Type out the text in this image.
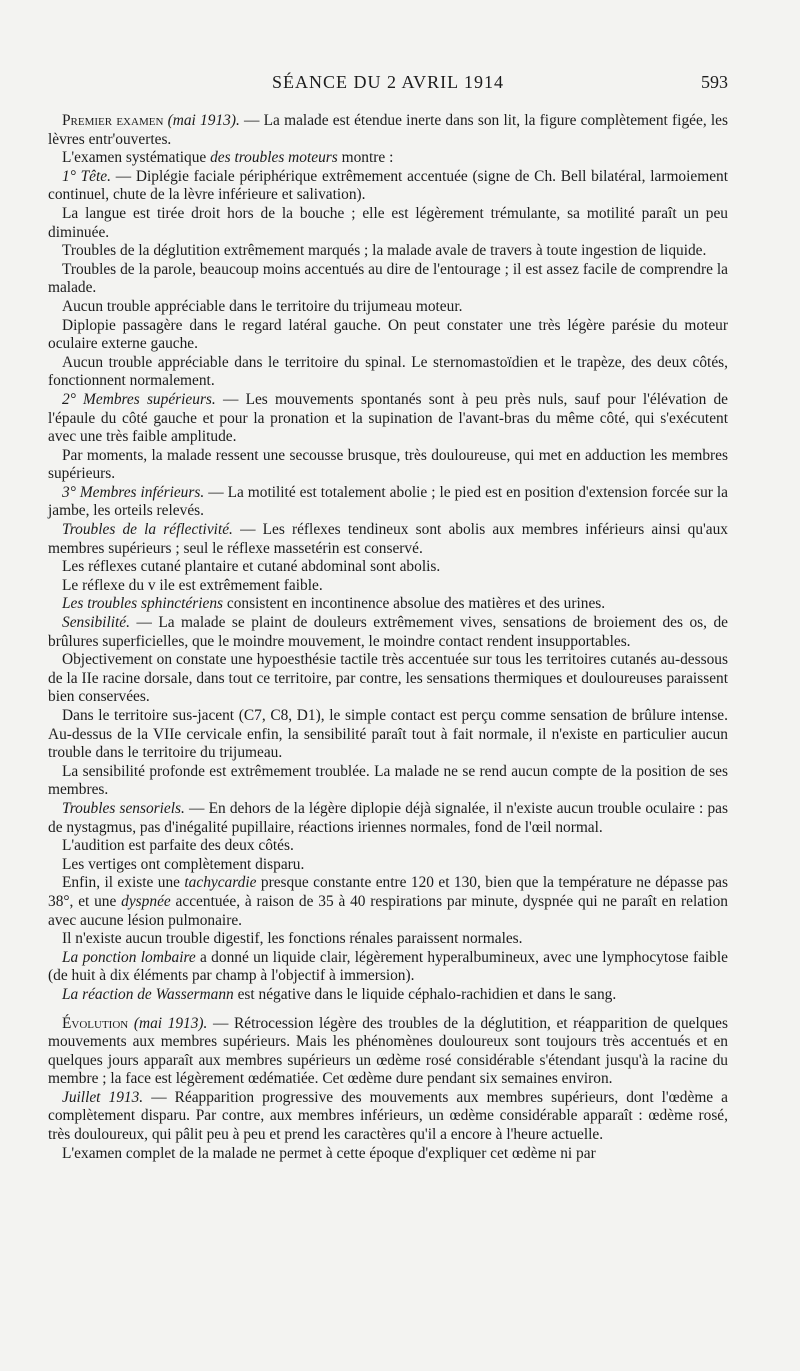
SÉANCE DU 2 AVRIL 1914	593

Premier examen (mai 1913). — La malade est étendue inerte dans son lit, la figure complètement figée, les lèvres entr'ouvertes.

L'examen systématique des troubles moteurs montre :

1° Tête. — Diplégie faciale périphérique extrêmement accentuée (signe de Ch. Bell bilatéral, larmoiement continuel, chute de la lèvre inférieure et salivation).

La langue est tirée droit hors de la bouche ; elle est légèrement trémulante, sa motilité paraît un peu diminuée.

Troubles de la déglutition extrêmement marqués ; la malade avale de travers à toute ingestion de liquide.

Troubles de la parole, beaucoup moins accentués au dire de l'entourage ; il est assez facile de comprendre la malade.

Aucun trouble appréciable dans le territoire du trijumeau moteur.

Diplopie passagère dans le regard latéral gauche. On peut constater une très légère parésie du moteur oculaire externe gauche.

Aucun trouble appréciable dans le territoire du spinal. Le sternomastoïdien et le trapèze, des deux côtés, fonctionnent normalement.

2° Membres supérieurs. — Les mouvements spontanés sont à peu près nuls, sauf pour l'élévation de l'épaule du côté gauche et pour la pronation et la supination de l'avant-bras du même côté, qui s'exécutent avec une très faible amplitude.

Par moments, la malade ressent une secousse brusque, très douloureuse, qui met en adduction les membres supérieurs.

3° Membres inférieurs. — La motilité est totalement abolie ; le pied est en position d'extension forcée sur la jambe, les orteils relevés.

Troubles de la réflectivité. — Les réflexes tendineux sont abolis aux membres inférieurs ainsi qu'aux membres supérieurs ; seul le réflexe massetérin est conservé.

Les réflexes cutané plantaire et cutané abdominal sont abolis.

Le réflexe du v ile est extrêmement faible.

Les troubles sphinctériens consistent en incontinence absolue des matières et des urines.

Sensibilité. — La malade se plaint de douleurs extrêmement vives, sensations de broiement des os, de brûlures superficielles, que le moindre mouvement, le moindre contact rendent insupportables.

Objectivement on constate une hypoesthésie tactile très accentuée sur tous les territoires cutanés au-dessous de la IIe racine dorsale, dans tout ce territoire, par contre, les sensations thermiques et douloureuses paraissent bien conservées.

Dans le territoire sus-jacent (C7, C8, D1), le simple contact est perçu comme sensation de brûlure intense. Au-dessus de la VIIe cervicale enfin, la sensibilité paraît tout à fait normale, il n'existe en particulier aucun trouble dans le territoire du trijumeau.

La sensibilité profonde est extrêmement troublée. La malade ne se rend aucun compte de la position de ses membres.

Troubles sensoriels. — En dehors de la légère diplopie déjà signalée, il n'existe aucun trouble oculaire : pas de nystagmus, pas d'inégalité pupillaire, réactions iriennes normales, fond de l'œil normal.

L'audition est parfaite des deux côtés.

Les vertiges ont complètement disparu.

Enfin, il existe une tachycardie presque constante entre 120 et 130, bien que la température ne dépasse pas 38°, et une dyspnée accentuée, à raison de 35 à 40 respirations par minute, dyspnée qui ne paraît en relation avec aucune lésion pulmonaire.

Il n'existe aucun trouble digestif, les fonctions rénales paraissent normales.

La ponction lombaire a donné un liquide clair, légèrement hyperalbumineux, avec une lymphocytose faible (de huit à dix éléments par champ à l'objectif à immersion).

La réaction de Wassermann est négative dans le liquide céphalo-rachidien et dans le sang.

Évolution (mai 1913). — Rétrocession légère des troubles de la déglutition, et réapparition de quelques mouvements aux membres supérieurs. Mais les phénomènes douloureux sont toujours très accentués et en quelques jours apparaît aux membres supérieurs un œdème rosé considérable s'étendant jusqu'à la racine du membre ; la face est légèrement œdématiée. Cet œdème dure pendant six semaines environ.

Juillet 1913. — Réapparition progressive des mouvements aux membres supérieurs, dont l'œdème a complètement disparu. Par contre, aux membres inférieurs, un œdème considérable apparaît : œdème rosé, très douloureux, qui pâlit peu à peu et prend les caractères qu'il a encore à l'heure actuelle.

L'examen complet de la malade ne permet à cette époque d'expliquer cet œdème ni par
